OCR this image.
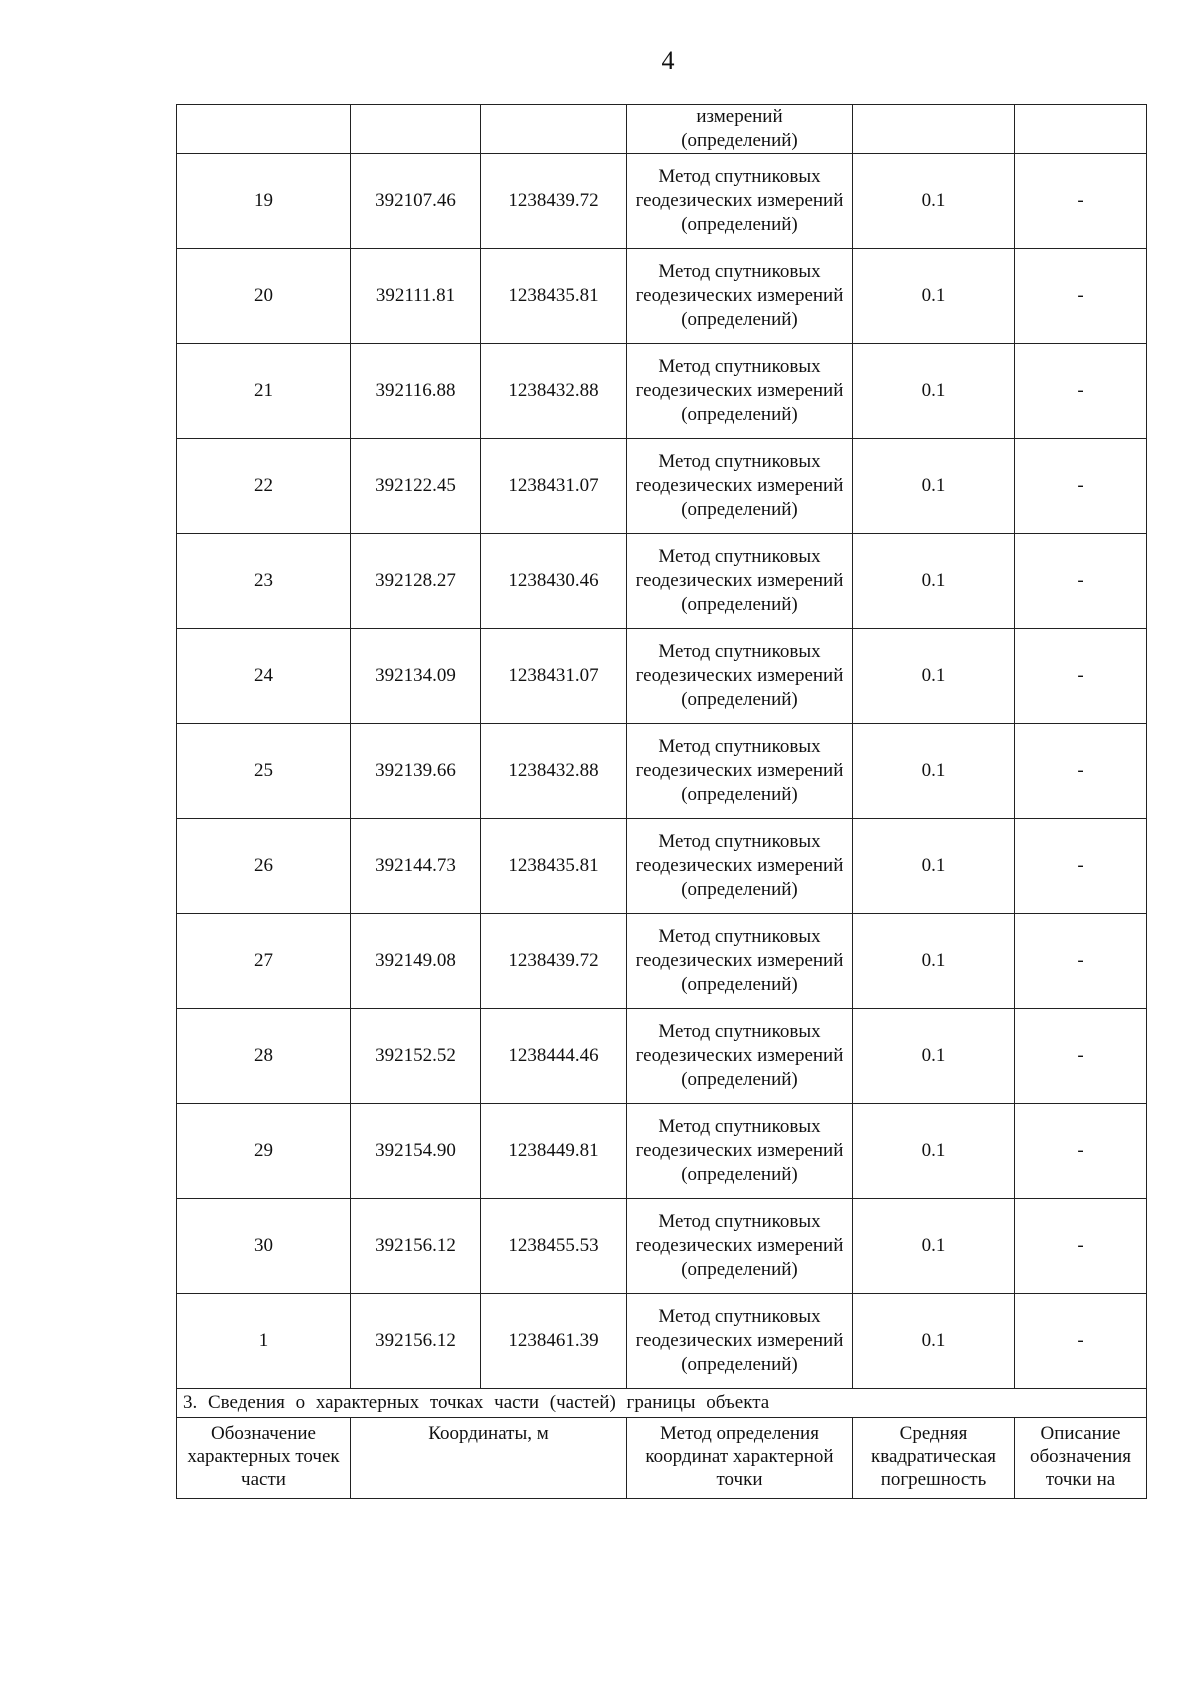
4

			измерений
(определений)		

19	392107.46	1238439.72	Метод спутниковых геодезических измерений (определений)	0.1	-
20	392111.81	1238435.81	Метод спутниковых геодезических измерений (определений)	0.1	-
21	392116.88	1238432.88	Метод спутниковых геодезических измерений (определений)	0.1	-
22	392122.45	1238431.07	Метод спутниковых геодезических измерений (определений)	0.1	-
23	392128.27	1238430.46	Метод спутниковых геодезических измерений (определений)	0.1	-
24	392134.09	1238431.07	Метод спутниковых геодезических измерений (определений)	0.1	-
25	392139.66	1238432.88	Метод спутниковых геодезических измерений (определений)	0.1	-
26	392144.73	1238435.81	Метод спутниковых геодезических измерений (определений)	0.1	-
27	392149.08	1238439.72	Метод спутниковых геодезических измерений (определений)	0.1	-
28	392152.52	1238444.46	Метод спутниковых геодезических измерений (определений)	0.1	-
29	392154.90	1238449.81	Метод спутниковых геодезических измерений (определений)	0.1	-
30	392156.12	1238455.53	Метод спутниковых геодезических измерений (определений)	0.1	-
1	392156.12	1238461.39	Метод спутниковых геодезических измерений (определений)	0.1	-
3. Сведения о характерных точках части (частей) границы объекта					
Обозначение характерных точек части	Координаты, м		Метод определения координат характерной точки	Средняя квадратическая погрешность	Описание обозначения точки на
